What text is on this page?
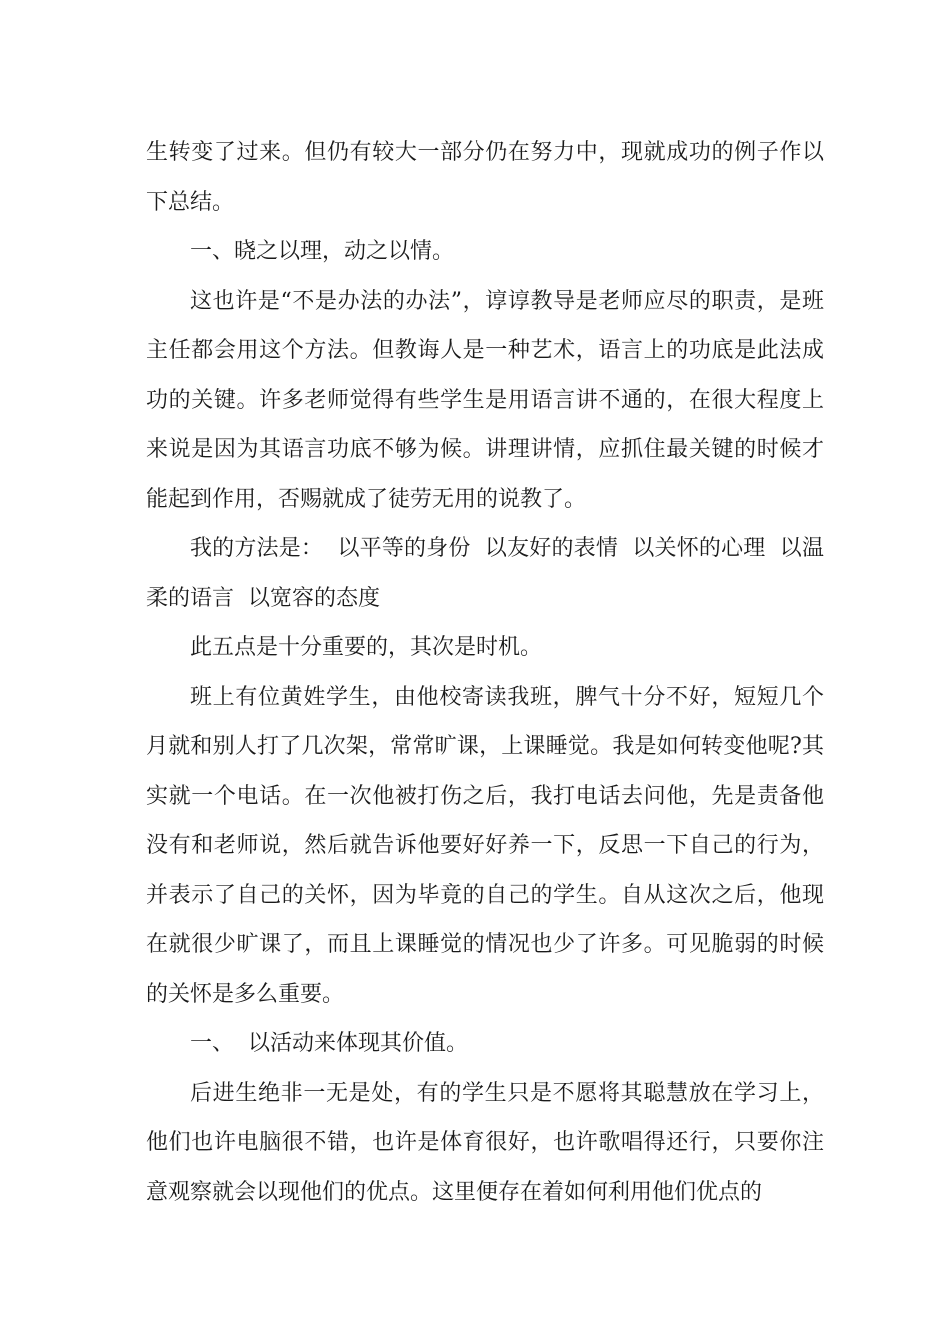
生转变了过来。但仍有较大一部分仍在努力中，现就成功的例子作以下总结。

一、晓之以理，动之以情。

这也许是“不是办法的办法”，谆谆教导是老师应尽的职责，是班主任都会用这个方法。但教诲人是一种艺术，语言上的功底是此法成功的关键。许多老师觉得有些学生是用语言讲不通的，在很大程度上来说是因为其语言功底不够为候。讲理讲情，应抓住最关键的时候才能起到作用，否赐就成了徒劳无用的说教了。

我的方法是：  以平等的身份  以友好的表情  以关怀的心理  以温柔的语言  以宽容的态度

此五点是十分重要的，其次是时机。

班上有位黄姓学生，由他校寄读我班，脾气十分不好，短短几个月就和别人打了几次架，常常旷课，上课睡觉。我是如何转变他呢?其实就一个电话。在一次他被打伤之后，我打电话去问他，先是责备他没有和老师说，然后就告诉他要好好养一下，反思一下自己的行为，并表示了自己的关怀，因为毕竟的自己的学生。自从这次之后，他现在就很少旷课了，而且上课睡觉的情况也少了许多。可见脆弱的时候的关怀是多么重要。

一、  以活动来体现其价值。

后进生绝非一无是处，有的学生只是不愿将其聪慧放在学习上，他们也许电脑很不错，也许是体育很好，也许歌唱得还行，只要你注意观察就会以现他们的优点。这里便存在着如何利用他们优点的
